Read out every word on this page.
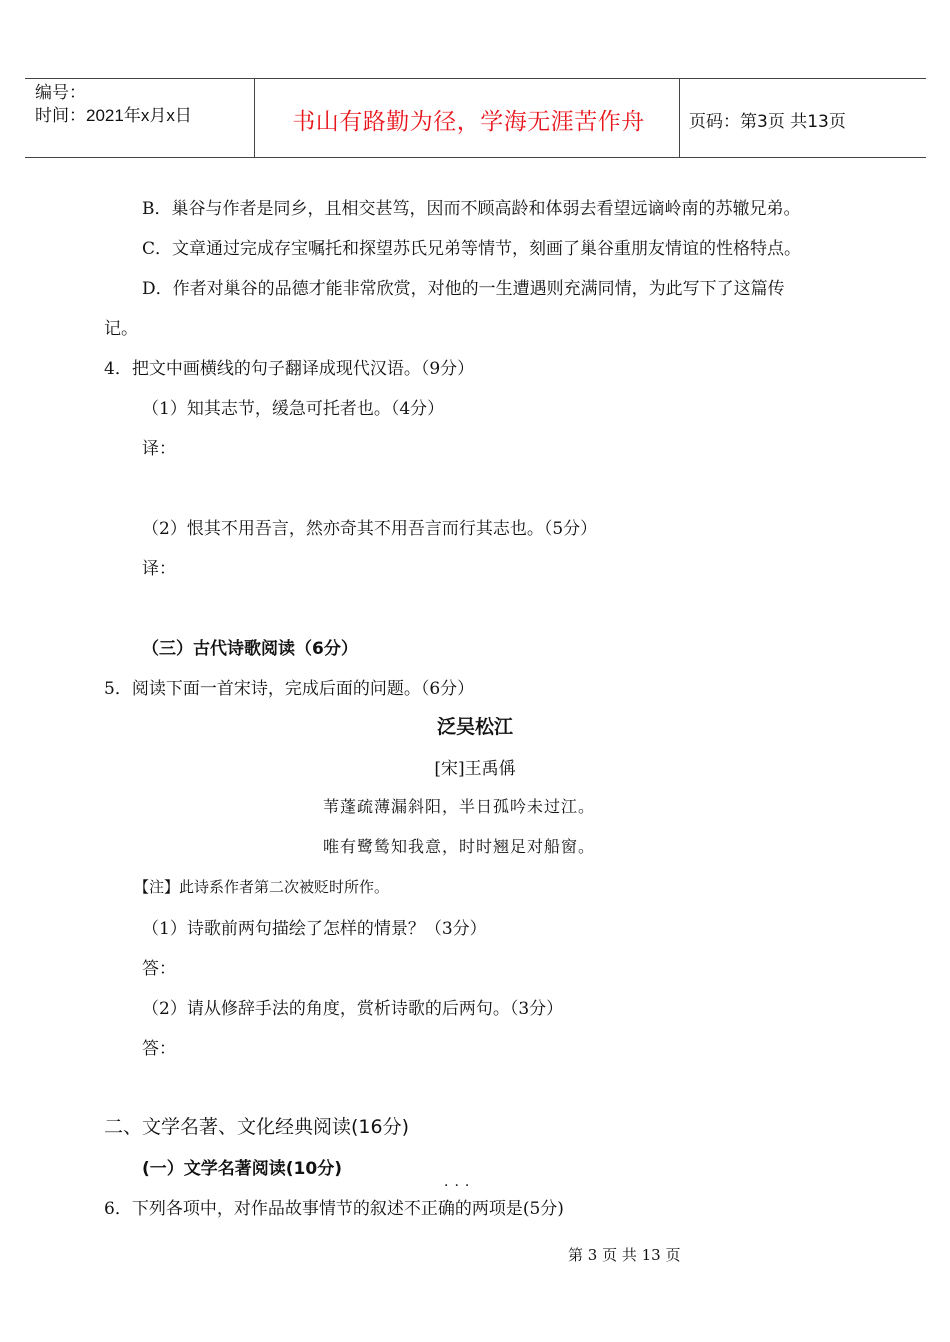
编号：
时间：2021年x月x日	书山有路勤为径，学海无涯苦作舟	页码：第3页 共13页
B．巢谷与作者是同乡，且相交甚笃，因而不顾高龄和体弱去看望远谪岭南的苏辙兄弟。
C．文章通过完成存宝嘱托和探望苏氏兄弟等情节，刻画了巢谷重朋友情谊的性格特点。
D．作者对巢谷的品德才能非常欣赏，对他的一生遭遇则充满同情，为此写下了这篇传
记。
4．把文中画横线的句子翻译成现代汉语。（9分）
（1）知其志节，缓急可托者也。（4分）
译：
（2）恨其不用吾言，然亦奇其不用吾言而行其志也。（5分）
译：
（三）古代诗歌阅读（6分）
5．阅读下面一首宋诗，完成后面的问题。（6分）
泛吴松江
[宋]王禹偁
苇蓬疏薄漏斜阳，半日孤吟未过江。
唯有鹭鸶知我意，时时翘足对船窗。
【注】此诗系作者第二次被贬时所作。
（1）诗歌前两句描绘了怎样的情景？（3分）
答：
（2）请从修辞手法的角度，赏析诗歌的后两句。（3分）
答：
二、文学名著、文化经典阅读(16分)
(一）文学名著阅读(10分)
···
6．下列各项中，对作品故事情节的叙述不正确的两项是(5分)
第 3 页 共 13 页
